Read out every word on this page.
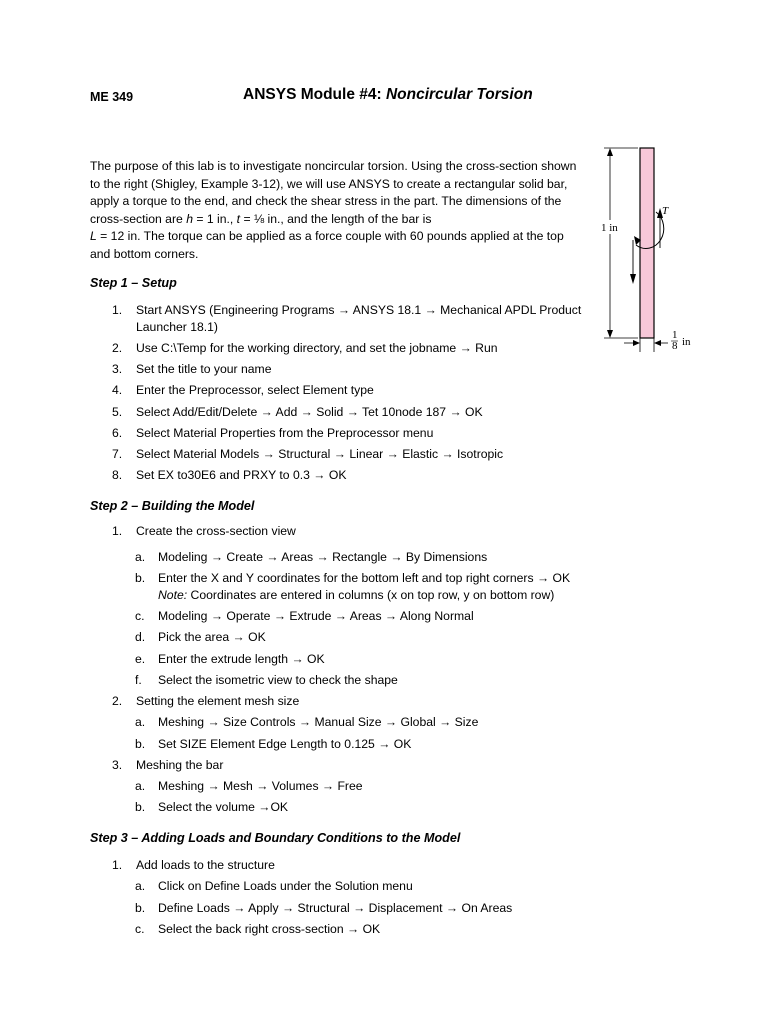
ME 349	ANSYS Module #4: Noncircular Torsion

The purpose of this lab is to investigate noncircular torsion. Using the cross-section shown to the right (Shigley, Example 3-12), we will use ANSYS to create a rectangular solid bar, apply a torque to the end, and check the shear stress in the part. The dimensions of the cross-section are h = 1 in., t = ⅛ in., and the length of the bar is
L = 12 in. The torque can be applied as a force couple with 60 pounds applied at the top and bottom corners.

1 in
T
1
8 in

Step 1 – Setup

1. Start ANSYS (Engineering Programs → ANSYS 18.1 → Mechanical APDL Product

Launcher 18.1)

2. Use C:\Temp for the working directory, and set the jobname → Run

3. Set the title to your name

4. Enter the Preprocessor, select Element type

5. Select Add/Edit/Delete → Add → Solid → Tet 10node 187 → OK

6. Select Material Properties from the Preprocessor menu

7. Select Material Models → Structural → Linear → Elastic → Isotropic

8. Set EX to30E6 and PRXY to 0.3 → OK

Step 2 – Building the Model

1. Create the cross-section view

a. Modeling → Create → Areas → Rectangle → By Dimensions

b. Enter the X and Y coordinates for the bottom left and top right corners → OK

Note: Coordinates are entered in columns (x on top row, y on bottom row)

c. Modeling → Operate → Extrude → Areas → Along Normal

d. Pick the area → OK

e. Enter the extrude length → OK

f. Select the isometric view to check the shape

2. Setting the element mesh size

a. Meshing → Size Controls → Manual Size → Global → Size

b. Set SIZE Element Edge Length to 0.125 → OK

3. Meshing the bar

a. Meshing → Mesh → Volumes → Free

b. Select the volume →OK

Step 3 – Adding Loads and Boundary Conditions to the Model

1. Add loads to the structure

a. Click on Define Loads under the Solution menu

b. Define Loads → Apply → Structural → Displacement → On Areas

c. Select the back right cross-section → OK
